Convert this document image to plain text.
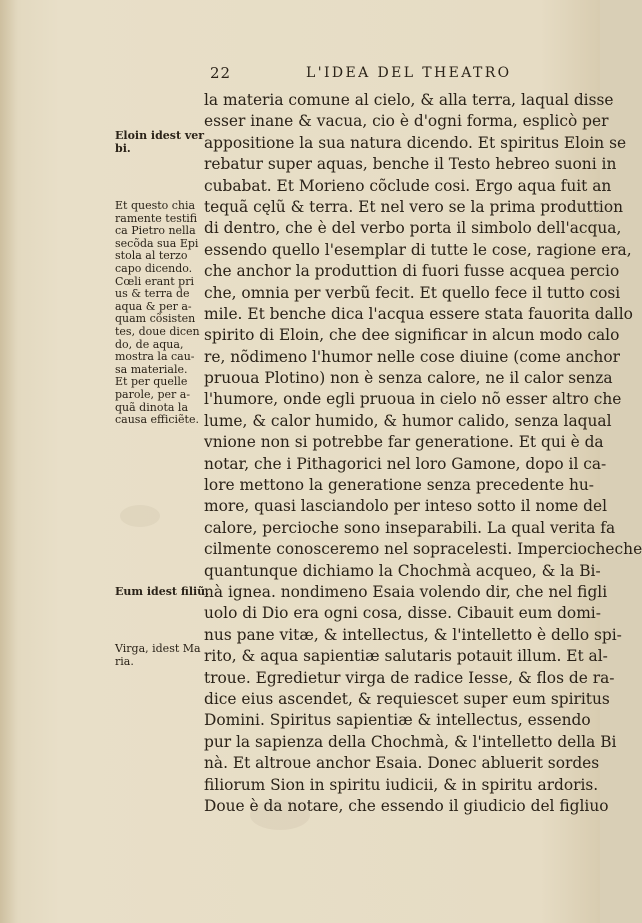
22	L'IDEA DEL THEATRO
la materia comune al cielo, & alla terra, laqual disse
esser inane & vacua, cio è d'ogni forma, esplicò per
appositione la sua natura dicendo. Et spiritus Eloin se
rebatur super aquas, benche il Testo hebreo suoni in
cubabat. Et Morieno cõclude cosi. Ergo aqua fuit an
tequã cęlũ & terra. Et nel vero se la prima produttion
di dentro, che è del verbo porta il simbolo dell'acqua,
essendo quello l'esemplar di tutte le cose, ragione era,
che anchor la produttion di fuori fusse acquea percio
che, omnia per verbũ fecit. Et quello fece il tutto cosi
mile. Et benche dica l'acqua essere stata fauorita dallo
spirito di Eloin, che dee significar in alcun modo calo
re, nõdimeno l'humor nelle cose diuine (come anchor
pruoua Plotino) non è senza calore, ne il calor senza
l'humore, onde egli pruoua in cielo nõ esser altro che
lume, & calor humido, & humor calido, senza laqual
vnione non si potrebbe far generatione. Et qui è da
notar, che i Pithagorici nel loro Gamone, dopo il ca-
lore mettono la generatione senza precedente hu-
more, quasi lasciandolo per inteso sotto il nome del
calore, percioche sono inseparabili. La qual verita fa
cilmente conosceremo nel sopracelesti. Imperciocheche
quantunque dichiamo la Chochmà acqueo, & la Bi-
nà ignea. nondimeno Esaia volendo dir, che nel figli
uolo di Dio era ogni cosa, disse. Cibauit eum domi-
nus pane vitæ, & intellectus, & l'intelletto è dello spi-
rito, & aqua sapientiæ salutaris potauit illum. Et al-
troue. Egredietur virga de radice Iesse, & flos de ra-
dice eius ascendet, & requiescet super eum spiritus
Domini. Spiritus sapientiæ & intellectus, essendo
pur la sapienza della Chochmà, & l'intelletto della Bi
nà. Et altroue anchor Esaia. Donec abluerit sordes
filiorum Sion in spiritu iudicii, & in spiritu ardoris.
Doue è da notare, che essendo il giudicio del figliuo
Eloin idest ver
bi.
Et questo chia
ramente testifi
ca Pietro nella
secõda sua Epi
stola al terzo
capo dicendo.
Cœli erant pri
us & terra de
aqua & per a-
quam cõsisten
tes, doue dicen
do, de aqua,
mostra la cau-
sa materiale.
Et per quelle
parole, per a-
quã dinota la
causa efficiẽte.
Eum idest filiũ.
Virga, idest Ma
ria.
